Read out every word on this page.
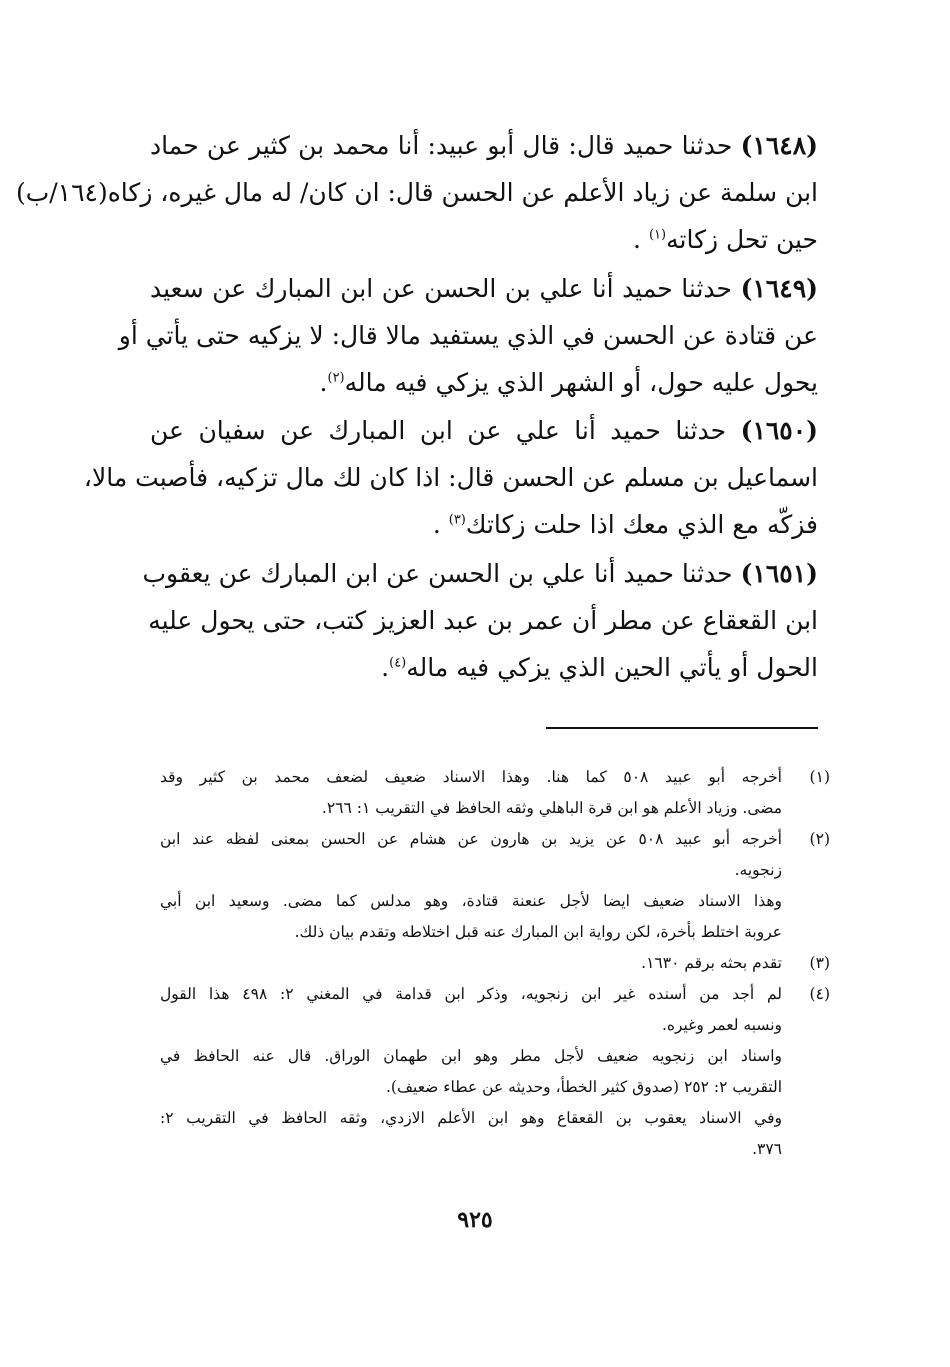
(١٦٤٨) حدثنا حميد قال: قال أبو عبيد: أنا محمد بن كثير عن حماد
ابن سلمة عن زياد الأعلم عن الحسن قال: ان كان/ له مال غيره، زكاه(١٦٤/ب)
حين تحل زكاته$^{(١)}$ .
(١٦٤٩) حدثنا حميد أنا علي بن الحسن عن ابن المبارك عن سعيد
عن قتادة عن الحسن في الذي يستفيد مالا قال: لا يزكيه حتى يأتي أو
يحول عليه حول، أو الشهر الذي يزكي فيه ماله$^{(٢)}$.
(١٦٥٠) حدثنا حميد أنا علي عن ابن المبارك عن سفيان عن
اسماعيل بن مسلم عن الحسن قال: اذا كان لك مال تزكيه، فأصبت مالا،
فزكّه مع الذي معك اذا حلت زكاتك$^{(٣)}$ .
(١٦٥١) حدثنا حميد أنا علي بن الحسن عن ابن المبارك عن يعقوب
ابن القعقاع عن مطر أن عمر بن عبد العزيز كتب، حتى يحول عليه
الحول أو يأتي الحين الذي يزكي فيه ماله$^{(٤)}$.
(١)
أخرجه أبو عبيد ٥٠٨ كما هنا. وهذا الاسناد ضعيف لضعف محمد بن كثير وقد
مضى. وزياد الأعلم هو ابن قرة الباهلي وثقه الحافظ في التقريب ١: ٢٦٦.
(٢)
أخرجه أبو عبيد ٥٠٨ عن يزيد بن هارون عن هشام عن الحسن بمعنى لفظه عند ابن
زنجويه.
وهذا الاسناد ضعيف ايضا لأجل عنعنة قتادة، وهو مدلس كما مضى. وسعيد ابن أبي
عروبة اختلط بأخرة، لكن رواية ابن المبارك عنه قبل اختلاطه وتقدم بيان ذلك.
(٣)
تقدم بحثه برقم ١٦٣٠.
(٤)
لم أجد من أسنده غير ابن زنجويه، وذكر ابن قدامة في المغني ٢: ٤٩٨ هذا القول
ونسبه لعمر وغيره.
واسناد ابن زنجويه ضعيف لأجل مطر وهو ابن طهمان الوراق. قال عنه الحافظ في
التقريب ٢: ٢٥٢ (صدوق كثير الخطأ، وحديثه عن عطاء ضعيف).
وفي الاسناد يعقوب بن القعقاع وهو ابن الأعلم الازدي، وثقه الحافظ في التقريب ٢:
٣٧٦.
٩٢٥
